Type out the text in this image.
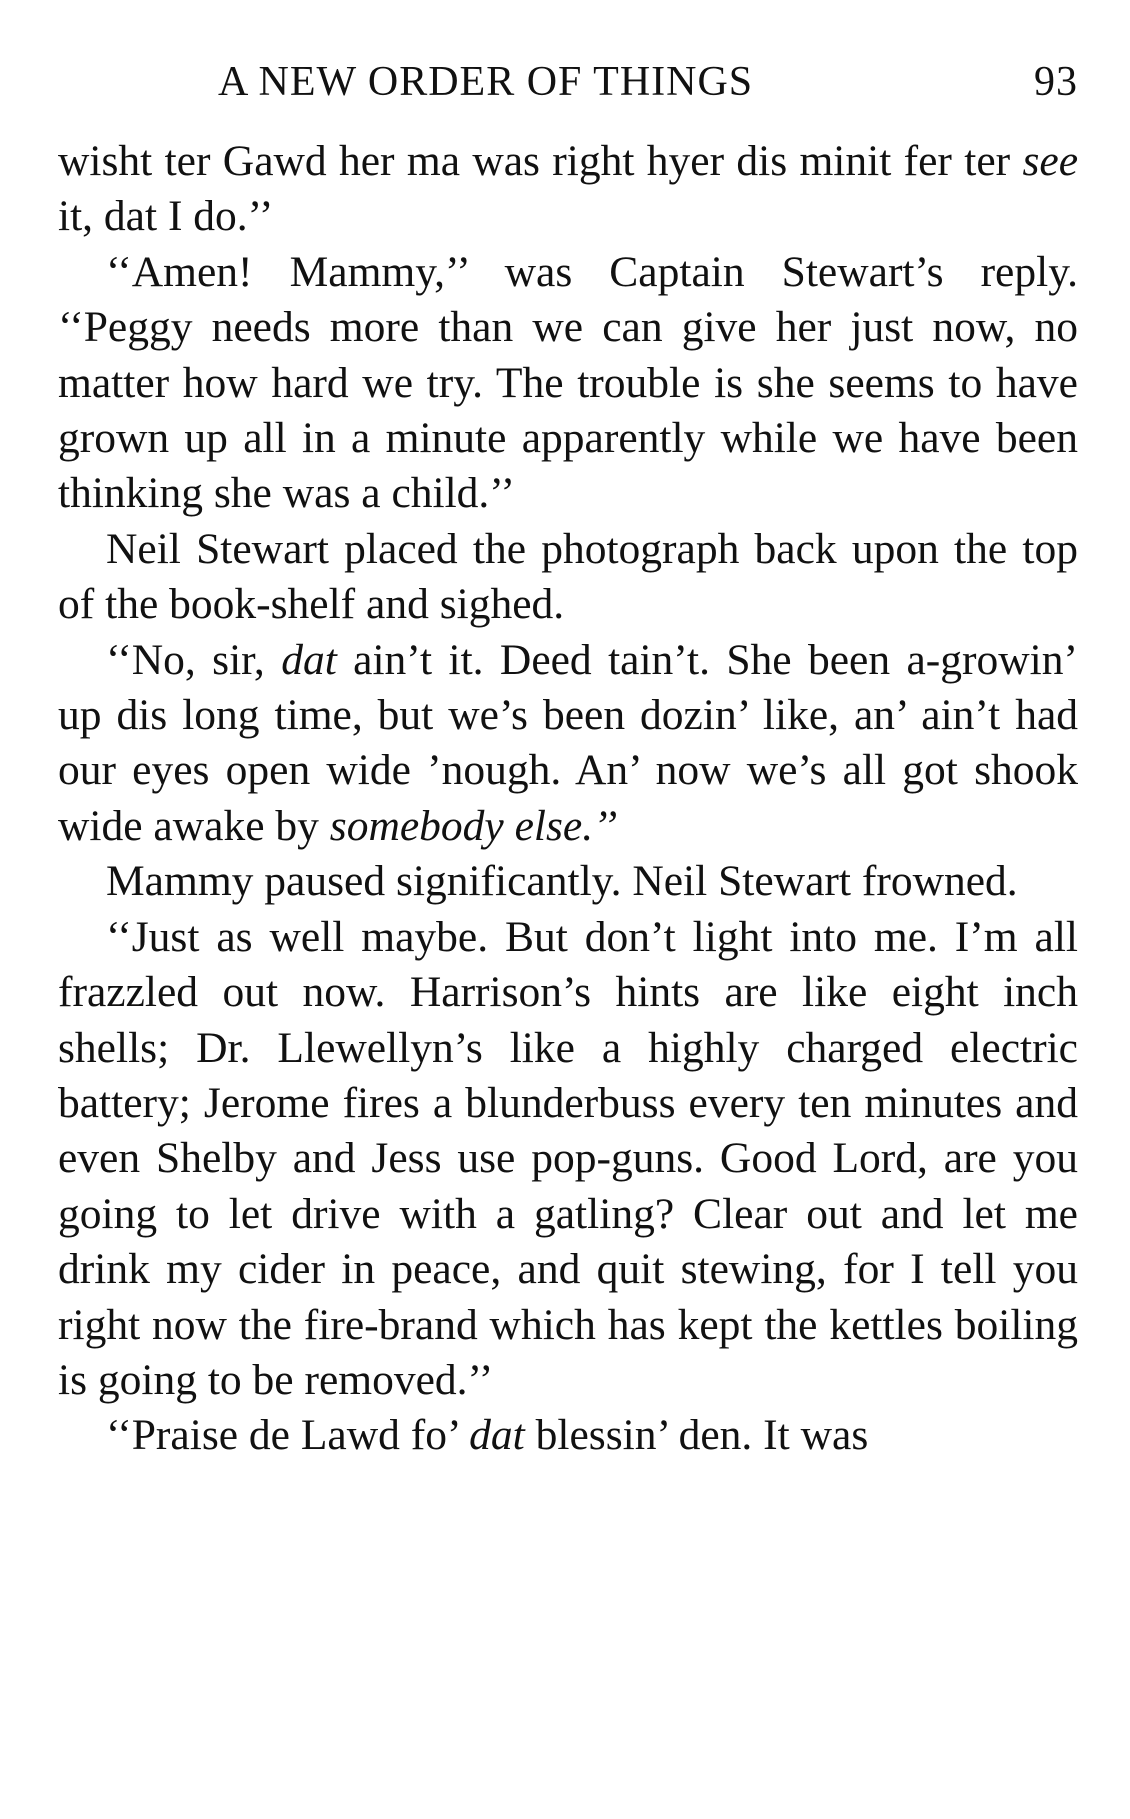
A NEW ORDER OF THINGS	93

wisht ter Gawd her ma was right hyer dis minit fer ter see it, dat I do.’’

‘‘Amen! Mammy,’’ was Captain Stewart’s reply. ‘‘Peggy needs more than we can give her just now, no matter how hard we try. The trouble is she seems to have grown up all in a minute apparently while we have been thinking she was a child.’’

Neil Stewart placed the photograph back upon the top of the book-shelf and sighed.

‘‘No, sir, dat ain’t it. Deed tain’t. She been a-growin’ up dis long time, but we’s been dozin’ like, an’ ain’t had our eyes open wide ’nough. An’ now we’s all got shook wide awake by somebody else.’’

Mammy paused significantly. Neil Stewart frowned.

‘‘Just as well maybe. But don’t light into me. I’m all frazzled out now. Harrison’s hints are like eight inch shells; Dr. Llewellyn’s like a highly charged electric battery; Jerome fires a blunderbuss every ten minutes and even Shelby and Jess use pop-guns. Good Lord, are you going to let drive with a gatling? Clear out and let me drink my cider in peace, and quit stewing, for I tell you right now the fire-brand which has kept the kettles boiling is going to be removed.’’

‘‘Praise de Lawd fo’ dat blessin’ den. It was
